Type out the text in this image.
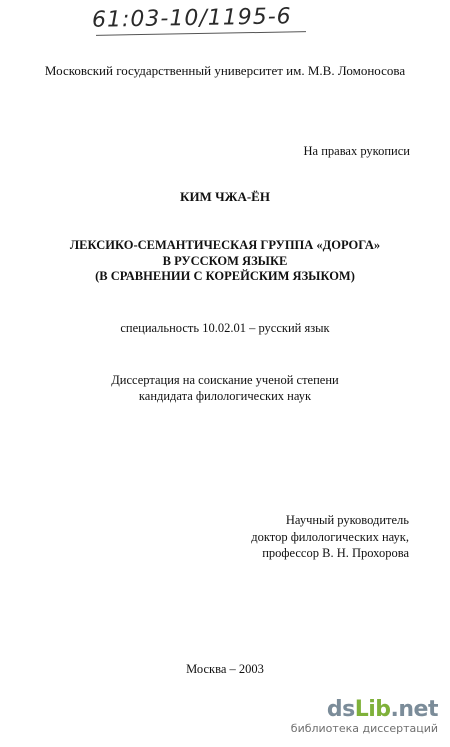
61:03-10/1195-6
Московский государственный университет им. М.В. Ломоносова
На правах рукописи
КИМ ЧЖА-ЁН
ЛЕКСИКО-СЕМАНТИЧЕСКАЯ ГРУППА «ДОРОГА»
В РУССКОМ ЯЗЫКЕ
(В СРАВНЕНИИ С КОРЕЙСКИМ ЯЗЫКОМ)
специальность 10.02.01 – русский язык
Диссертация на соискание ученой степени
кандидата филологических наук
Научный руководитель
доктор филологических наук,
профессор В. Н. Прохорова
Москва – 2003
dsLib.net
библиотека диссертаций
